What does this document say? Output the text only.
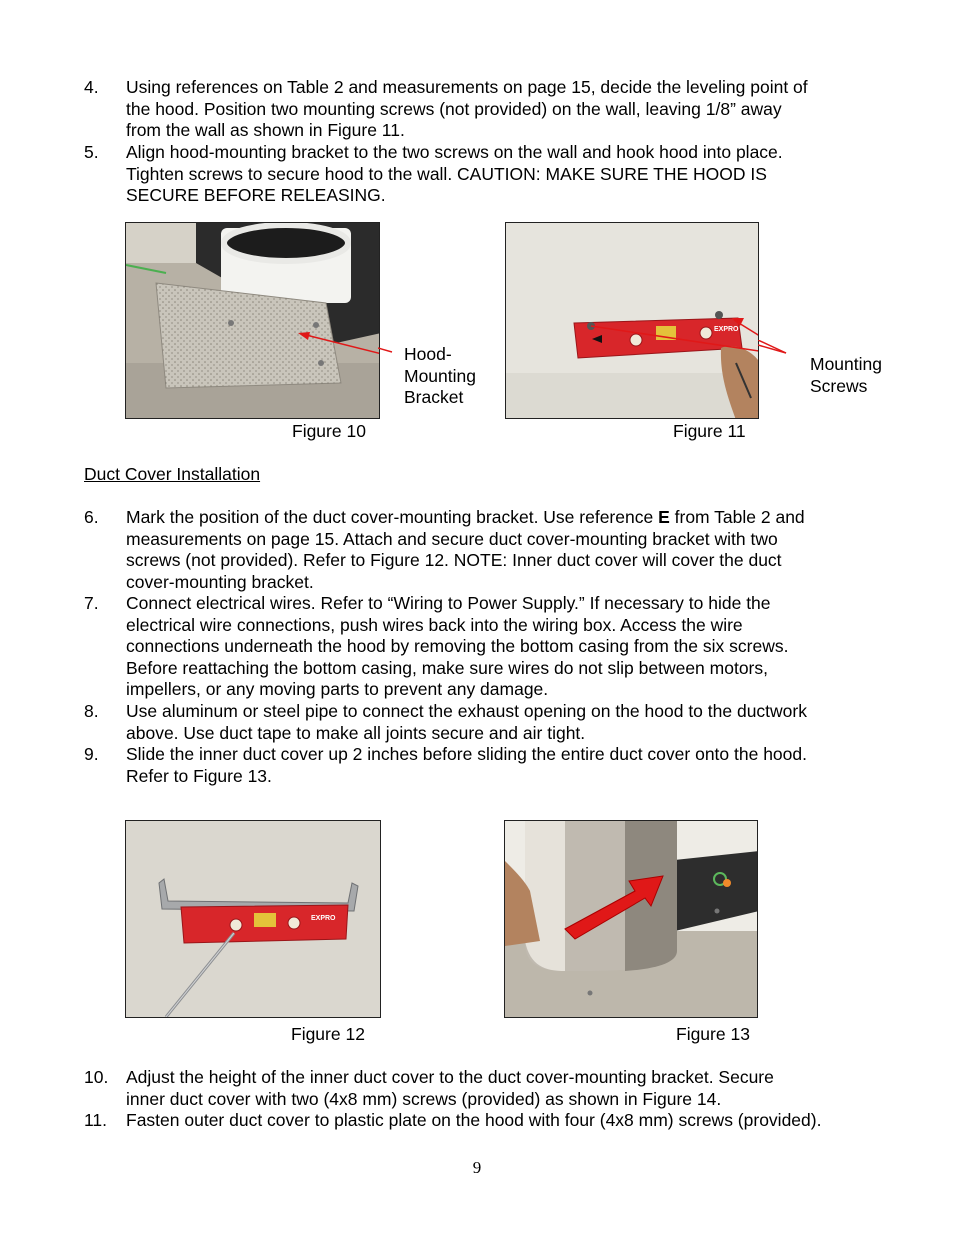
4. Using references on Table 2 and measurements on page 15, decide the leveling point of
the hood. Position two mounting screws (not provided) on the wall, leaving 1/8” away
from the wall as shown in Figure 11.
5. Align hood-mounting bracket to the two screws on the wall and hook hood into place.
Tighten screws to secure hood to the wall. CAUTION: MAKE SURE THE HOOD IS
SECURE BEFORE RELEASING.
Figure 10
Hood-
Mounting
Bracket
EXPRO
Figure 11
Mounting
Screws
Duct Cover Installation
6. Mark the position of the duct cover-mounting bracket. Use reference E from Table 2 and
measurements on page 15. Attach and secure duct cover-mounting bracket with two
screws (not provided). Refer to Figure 12. NOTE: Inner duct cover will cover the duct
cover-mounting bracket.
7. Connect electrical wires. Refer to “Wiring to Power Supply.” If necessary to hide the
electrical wire connections, push wires back into the wiring box. Access the wire
connections underneath the hood by removing the bottom casing from the six screws.
Before reattaching the bottom casing, make sure wires do not slip between motors,
impellers, or any moving parts to prevent any damage.
8. Use aluminum or steel pipe to connect the exhaust opening on the hood to the ductwork
above. Use duct tape to make all joints secure and air tight.
9. Slide the inner duct cover up 2 inches before sliding the entire duct cover onto the hood.
Refer to Figure 13.
EXPRO
Figure 12	Figure 13
10. Adjust the height of the inner duct cover to the duct cover-mounting bracket. Secure
inner duct cover with two (4x8 mm) screws (provided) as shown in Figure 14.
11. Fasten outer duct cover to plastic plate on the hood with four (4x8 mm) screws (provided).
9
